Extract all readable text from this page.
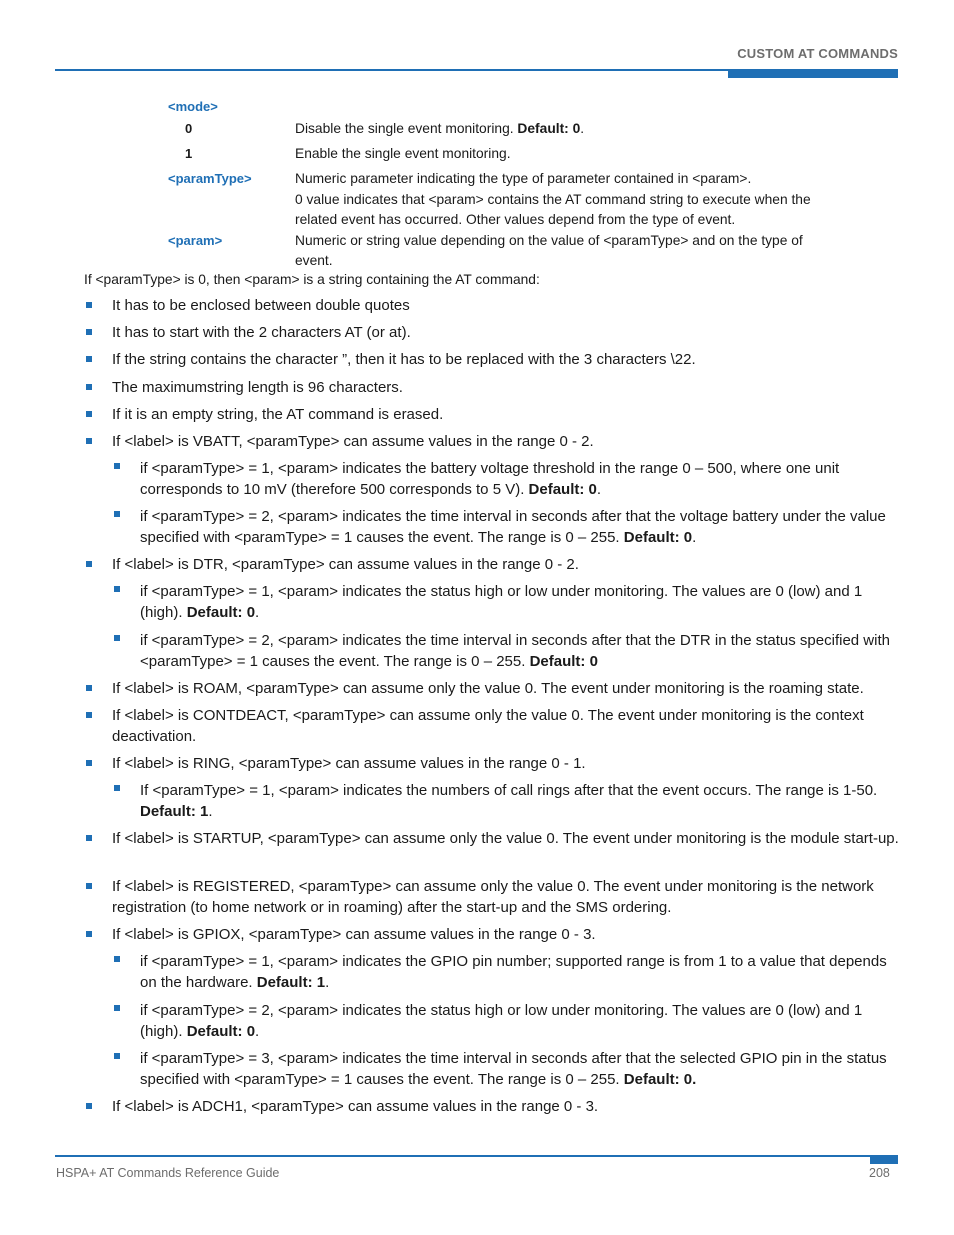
CUSTOM AT COMMANDS
<mode>
0	Disable the single event monitoring. Default: 0.
1	Enable the single event monitoring.
<paramType>	Numeric parameter indicating the type of parameter contained in <param>.
0 value indicates that <param> contains the AT command string to execute when the related event has occurred. Other values depend from the type of event.
<param>	Numeric or string value depending on the value of <paramType> and on the type of event.
If <paramType> is 0, then <param> is a string containing the AT command:
It has to be enclosed between double quotes
It has to start with the 2 characters AT (or at).
If the string contains the character ”, then it has to be replaced with the 3 characters \22.
The maximumstring length is 96 characters.
If it is an empty string, the AT command is erased.
If <label> is VBATT, <paramType> can assume values in the range 0 - 2.
if <paramType> = 1, <param> indicates the battery voltage threshold in the range 0 – 500, where one unit corresponds to 10 mV (therefore 500 corresponds to 5 V). Default: 0.
if <paramType> = 2, <param> indicates the time interval in seconds after that the voltage battery under the value specified with <paramType> = 1 causes the event. The range is 0 – 255. Default: 0.
If <label> is DTR, <paramType> can assume values in the range 0 - 2.
if <paramType> = 1, <param> indicates the status high or low under monitoring. The values are 0 (low) and 1 (high). Default: 0.
if <paramType> = 2, <param> indicates the time interval in seconds after that the DTR in the status specified with <paramType> = 1 causes the event. The range is 0 – 255. Default: 0
If <label> is ROAM, <paramType> can assume only the value 0. The event under monitoring is the roaming state.
If <label> is CONTDEACT, <paramType> can assume only the value 0. The event under monitoring is the context deactivation.
If <label> is RING, <paramType> can assume values in the range 0 - 1.
If <paramType> = 1, <param> indicates the numbers of call rings after that the event occurs. The range is 1-50. Default: 1.
If <label> is STARTUP, <paramType> can assume only the value 0. The event under monitoring is the module start-up.
If <label> is REGISTERED, <paramType> can assume only the value 0. The event under monitoring is the network registration (to home network or in roaming) after the start-up and the SMS ordering.
If <label> is GPIOX, <paramType> can assume values in the range 0 - 3.
if <paramType> = 1, <param> indicates the GPIO pin number; supported range is from 1 to a value that depends on the hardware. Default: 1.
if <paramType> = 2, <param> indicates the status high or low under monitoring. The values are 0 (low) and 1 (high). Default: 0.
if <paramType> = 3, <param> indicates the time interval in seconds after that the selected GPIO pin in the status specified with <paramType> = 1 causes the event. The range is 0 – 255. Default: 0.
If <label> is ADCH1, <paramType> can assume values in the range 0 - 3.
HSPA+ AT Commands Reference Guide	208
